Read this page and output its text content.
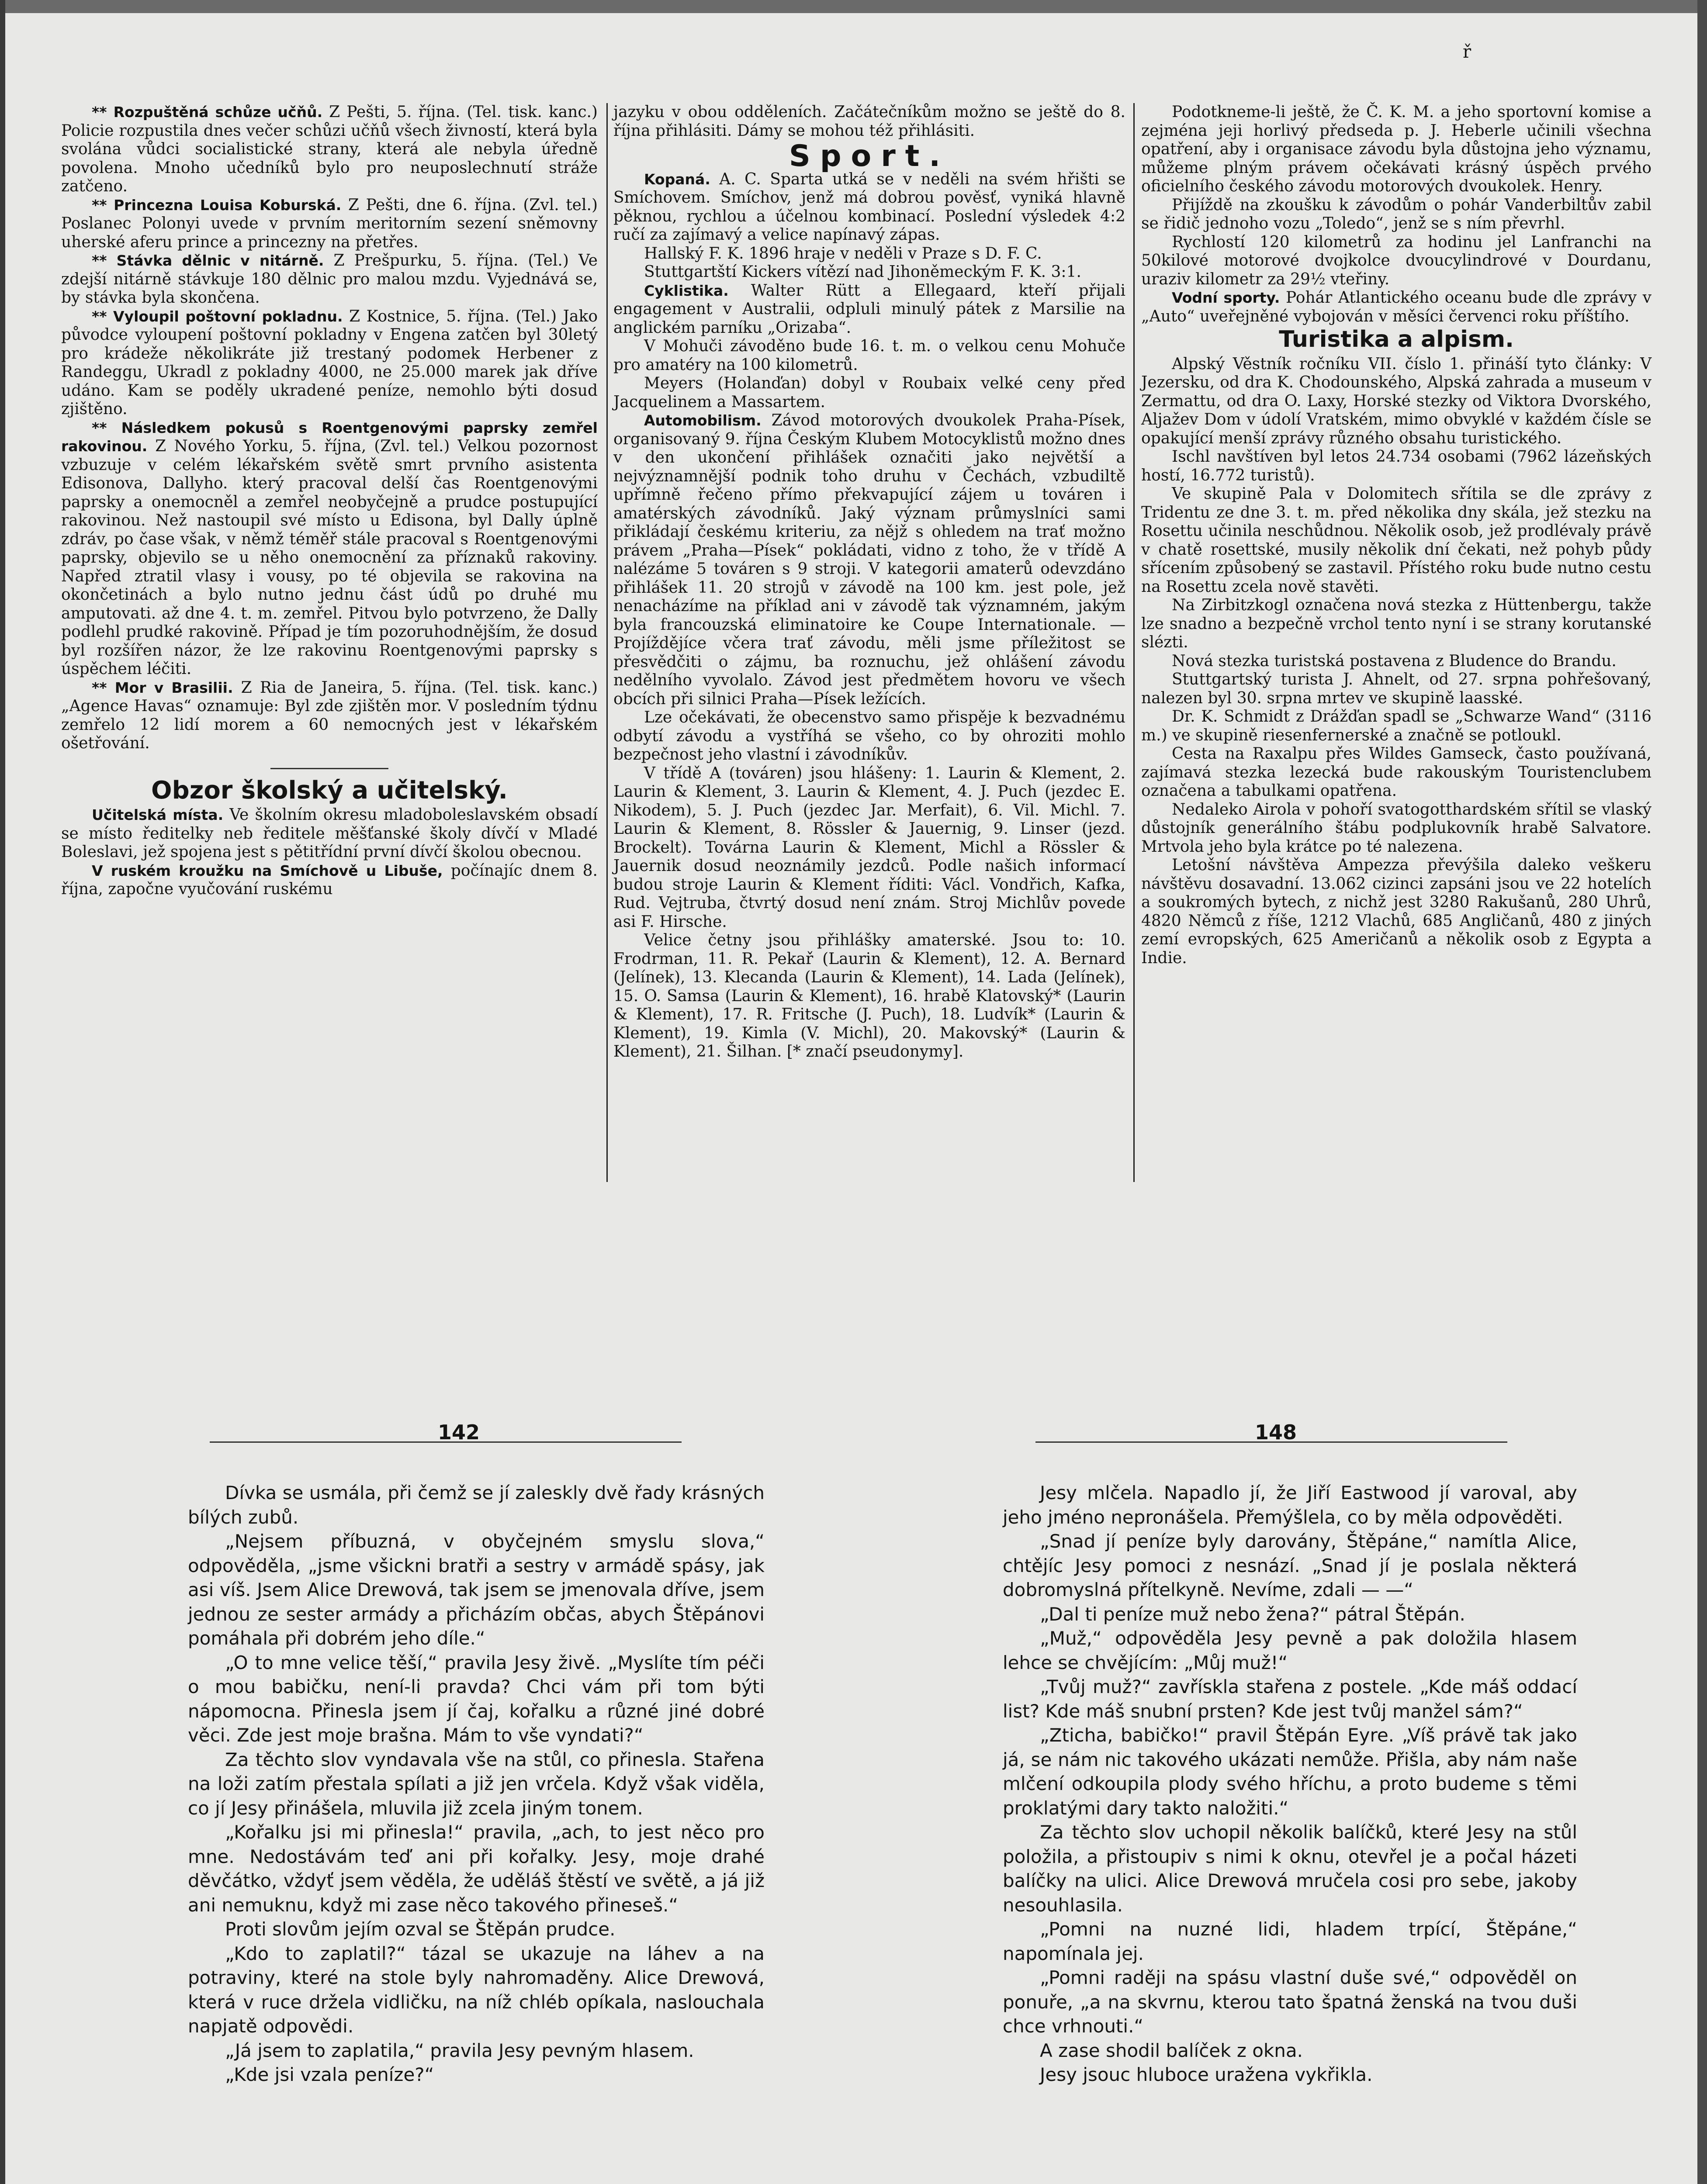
ř

** Rozpuštěná schůze učňů. Z Pešti, 5. října. (Tel. tisk. kanc.) Policie rozpustila dnes večer schůzi učňů všech živností, která byla svolána vůdci socialistické strany, která ale nebyla úředně povolena. Mnoho učedníků bylo pro neuposlechnutí stráže zatčeno.

** Princezna Louisa Koburská. Z Pešti, dne 6. října. (Zvl. tel.) Poslanec Polonyi uvede v prvním meritorním sezení sněmovny uherské aferu prince a princezny na přetřes.

** Stávka dělnic v nitárně. Z Prešpurku, 5. října. (Tel.) Ve zdejší nitárně stávkuje 180 dělnic pro malou mzdu. Vyjednává se, by stávka byla skončena.

** Vyloupil poštovní pokladnu. Z Kostnice, 5. října. (Tel.) Jako původce vyloupení poštovní pokladny v Engena zatčen byl 30letý pro krádeže několikráte již trestaný podomek Herbener z Randeggu, Ukradl z pokladny 4000, ne 25.000 marek jak dříve udáno. Kam se poděly ukradené peníze, nemohlo býti dosud zjištěno.

** Následkem pokusů s Roentgenovými paprsky zemřel rakovinou. Z Nového Yorku, 5. října, (Zvl. tel.) Velkou pozornost vzbuzuje v celém lékařském světě smrt prvního asistenta Edisonova, Dallyho. který pracoval delší čas Roentgenovými paprsky a onemocněl a zemřel neobyčejně a prudce postupující rakovinou. Než nastoupil své místo u Edisona, byl Dally úplně zdráv, po čase však, v němž téměř stále pracoval s Roentgenovými paprsky, objevilo se u něho onemocnění za příznaků rakoviny. Napřed ztratil vlasy i vousy, po té objevila se rakovina na okončetinách a bylo nutno jednu část údů po druhé mu amputovati. až dne 4. t. m. zemřel. Pitvou bylo potvrzeno, že Dally podlehl prudké rakovině. Případ je tím pozoruhodnějším, že dosud byl rozšířen názor, že lze rakovinu Roentgenovými paprsky s úspěchem léčiti.

** Mor v Brasilii. Z Ria de Janeira, 5. října. (Tel. tisk. kanc.) „Agence Havas“ oznamuje: Byl zde zjištěn mor. V posledním týdnu zemřelo 12 lidí morem a 60 nemocných jest v lékařském ošetřování.

Obzor školský a učitelský.

Učitelská místa. Ve školním okresu mladoboleslavském obsadí se místo ředitelky neb ředitele měšťanské školy dívčí v Mladé Boleslavi, jež spojena jest s pětitřídní první dívčí školou obecnou.

V ruském kroužku na Smíchově u Libuše, počínajíc dnem 8. října, započne vyučování ruskému

jazyku v obou odděleních. Začátečníkům možno se ještě do 8. října přihlásiti. Dámy se mohou též přihlásiti.

Sport.

Kopaná. A. C. Sparta utká se v neděli na svém hřišti se Smíchovem. Smíchov, jenž má dobrou pověsť, vyniká hlavně pěknou, rychlou a účelnou kombinací. Poslední výsledek 4:2 ručí za zajímavý a velice napínavý zápas.

Hallský F. K. 1896 hraje v neděli v Praze s D. F. C.

Stuttgartští Kickers vítězí nad Jihoněmeckým F. K. 3:1.

Cyklistika. Walter Rütt a Ellegaard, kteří přijali engagement v Australii, odpluli minulý pátek z Marsilie na anglickém parníku „Orizaba“.

V Mohuči závoděno bude 16. t. m. o velkou cenu Mohuče pro amatéry na 100 kilometrů.

Meyers (Holanďan) dobyl v Roubaix velké ceny před Jacquelinem a Massartem.

Automobilism. Závod motorových dvoukolek Praha-Písek, organisovaný 9. října Českým Klubem Motocyklistů možno dnes v den ukončení přihlášek označiti jako největší a nejvýznamnější podnik toho druhu v Čechách, vzbudiltě upřímně řečeno přímo překvapující zájem u továren i amatérských závodníků. Jaký význam průmyslníci sami přikládají českému kriteriu, za nějž s ohledem na trať možno právem „Praha—Písek“ pokládati, vidno z toho, že v třídě A nalézáme 5 továren s 9 stroji. V kategorii amaterů odevzdáno přihlášek 11. 20 strojů v závodě na 100 km. jest pole, jež nenacházíme na příklad ani v závodě tak významném, jakým byla francouzská eliminatoire ke Coupe Internationale. — Projíždějíce včera trať závodu, měli jsme příležitost se přesvědčiti o zájmu, ba roznuchu, jež ohlášení závodu nedělního vyvolalo. Závod jest předmětem hovoru ve všech obcích při silnici Praha—Písek ležících.

Lze očekávati, že obecenstvo samo přispěje k bezvadnému odbytí závodu a vystříhá se všeho, co by ohroziti mohlo bezpečnost jeho vlastní i závodníkův.

V třídě A (továren) jsou hlášeny: 1. Laurin & Klement, 2. Laurin & Klement, 3. Laurin & Klement, 4. J. Puch (jezdec E. Nikodem), 5. J. Puch (jezdec Jar. Merfait), 6. Vil. Michl. 7. Laurin & Klement, 8. Rössler & Jauernig, 9. Linser (jezd. Brockelt). Továrna Laurin & Klement, Michl a Rössler & Jauernik dosud neoznámily jezdců. Podle našich informací budou stroje Laurin & Klement říditi: Václ. Vondřich, Kafka, Rud. Vejtruba, čtvrtý dosud není znám. Stroj Michlův povede asi F. Hirsche.

Velice četny jsou přihlášky amaterské. Jsou to: 10. Frodrman, 11. R. Pekař (Laurin & Klement), 12. A. Bernard (Jelínek), 13. Klecanda (Laurin & Klement), 14. Lada (Jelínek), 15. O. Samsa (Laurin & Klement), 16. hrabě Klatovský* (Laurin & Klement), 17. R. Fritsche (J. Puch), 18. Ludvík* (Laurin & Klement), 19. Kimla (V. Michl), 20. Makovský* (Laurin & Klement), 21. Šilhan. [* značí pseudonymy].

Podotkneme-li ještě, že Č. K. M. a jeho sportovní komise a zejména jeji horlivý předseda p. J. Heberle učinili všechna opatření, aby i organisace závodu byla důstojna jeho významu, můžeme plným právem očekávati krásný úspěch prvého oficielního českého závodu motorových dvoukolek. Henry.

Přijíždě na zkoušku k závodům o pohár Vanderbiltův zabil se řidič jednoho vozu „Toledo“, jenž se s ním převrhl.

Rychlostí 120 kilometrů za hodinu jel Lanfranchi na 50kilové motorové dvojkolce dvoucylindrové v Dourdanu, uraziv kilometr za 29½ vteřiny.

Vodní sporty. Pohár Atlantického oceanu bude dle zprávy v „Auto“ uveřejněné vybojován v měsíci červenci roku příštího.

Turistika a alpism.

Alpský Věstník ročníku VII. číslo 1. přináší tyto články: V Jezersku, od dra K. Chodounského, Alpská zahrada a museum v Zermattu, od dra O. Laxy, Horské stezky od Viktora Dvorského, Aljažev Dom v údolí Vratském, mimo obvyklé v každém čísle se opakující menší zprávy různého obsahu turistického.

Ischl navštíven byl letos 24.734 osobami (7962 lázeňských hostí, 16.772 turistů).

Ve skupině Pala v Dolomitech sřítila se dle zprávy z Tridentu ze dne 3. t. m. před několika dny skála, jež stezku na Rosettu učinila neschůdnou. Několik osob, jež prodlévaly právě v chatě rosettské, musily několik dní čekati, než pohyb půdy sřícením způsobený se zastavil. Přístého roku bude nutno cestu na Rosettu zcela nově stavěti.

Na Zirbitzkogl označena nová stezka z Hüttenbergu, takže lze snadno a bezpečně vrchol tento nyní i se strany korutanské slézti.

Nová stezka turistská postavena z Bludence do Brandu.

Stuttgartský turista J. Ahnelt, od 27. srpna pohřešovaný, nalezen byl 30. srpna mrtev ve skupině laasské.

Dr. K. Schmidt z Drážďan spadl se „Schwarze Wand“ (3116 m.) ve skupině riesenfernerské a značně se potloukl.

Cesta na Raxalpu přes Wildes Gamseck, často používaná, zajímavá stezka lezecká bude rakouským Touristenclubem označena a tabulkami opatřena.

Nedaleko Airola v pohoří svatogotthardském sřítil se vlaský důstojník generálního štábu podplukovník hrabě Salvatore. Mrtvola jeho byla krátce po té nalezena.

Letošní návštěva Ampezza převýšila daleko veškeru návštěvu dosavadní. 13.062 cizinci zapsáni jsou ve 22 hotelích a soukromých bytech, z nichž jest 3280 Rakušanů, 280 Uhrů, 4820 Němců z říše, 1212 Vlachů, 685 Angličanů, 480 z jiných zemí evropských, 625 Američanů a několik osob z Egypta a Indie.

142	148

Dívka se usmála, při čemž se jí zaleskly dvě řady krásných bílých zubů.

„Nejsem příbuzná, v obyčejném smyslu slova,“ odpověděla, „jsme všickni bratři a sestry v armádě spásy, jak asi víš. Jsem Alice Drewová, tak jsem se jmenovala dříve, jsem jednou ze sester armády a přicházím občas, abych Štěpánovi pomáhala při dobrém jeho díle.“

„O to mne velice těší,“ pravila Jesy živě. „Myslíte tím péči o mou babičku, není-li pravda? Chci vám při tom býti nápomocna. Přinesla jsem jí čaj, kořalku a různé jiné dobré věci. Zde jest moje brašna. Mám to vše vyndati?“

Za těchto slov vyndavala vše na stůl, co přinesla. Stařena na loži zatím přestala spílati a již jen vrčela. Když však viděla, co jí Jesy přinášela, mluvila již zcela jiným tonem.

„Kořalku jsi mi přinesla!“ pravila, „ach, to jest něco pro mne. Nedostávám teď ani při kořalky. Jesy, moje drahé děvčátko, vždyť jsem věděla, že uděláš štěstí ve světě, a já již ani nemuknu, když mi zase něco takového přineseš.“

Proti slovům jejím ozval se Štěpán prudce.

„Kdo to zaplatil?“ tázal se ukazuje na láhev a na potraviny, které na stole byly nahromaděny. Alice Drewová, která v ruce držela vidličku, na níž chléb opíkala, naslouchala napjatě odpovědi.

„Já jsem to zaplatila,“ pravila Jesy pevným hlasem.

„Kde jsi vzala peníze?“

Jesy mlčela. Napadlo jí, že Jiří Eastwood jí varoval, aby jeho jméno nepronášela. Přemýšlela, co by měla odpověděti.

„Snad jí peníze byly darovány, Štěpáne,“ namítla Alice, chtějíc Jesy pomoci z nesnází. „Snad jí je poslala některá dobromyslná přítelkyně. Nevíme, zdali — —“

„Dal ti peníze muž nebo žena?“ pátral Štěpán.

„Muž,“ odpověděla Jesy pevně a pak doložila hlasem lehce se chvějícím: „Můj muž!“

„Tvůj muž?“ zavřískla stařena z postele. „Kde máš oddací list? Kde máš snubní prsten? Kde jest tvůj manžel sám?“

„Zticha, babičko!“ pravil Štěpán Eyre. „Víš právě tak jako já, se nám nic takového ukázati nemůže. Přišla, aby nám naše mlčení odkoupila plody svého hříchu, a proto budeme s těmi proklatými dary takto naložiti.“

Za těchto slov uchopil několik balíčků, které Jesy na stůl položila, a přistoupiv s nimi k oknu, otevřel je a počal házeti balíčky na ulici. Alice Drewová mručela cosi pro sebe, jakoby nesouhlasila.

„Pomni na nuzné lidi, hladem trpící, Štěpáne,“ napomínala jej.

„Pomni raději na spásu vlastní duše své,“ odpověděl on ponuře, „a na skvrnu, kterou tato špatná ženská na tvou duši chce vrhnouti.“

A zase shodil balíček z okna.

Jesy jsouc hluboce uražena vykřikla.
